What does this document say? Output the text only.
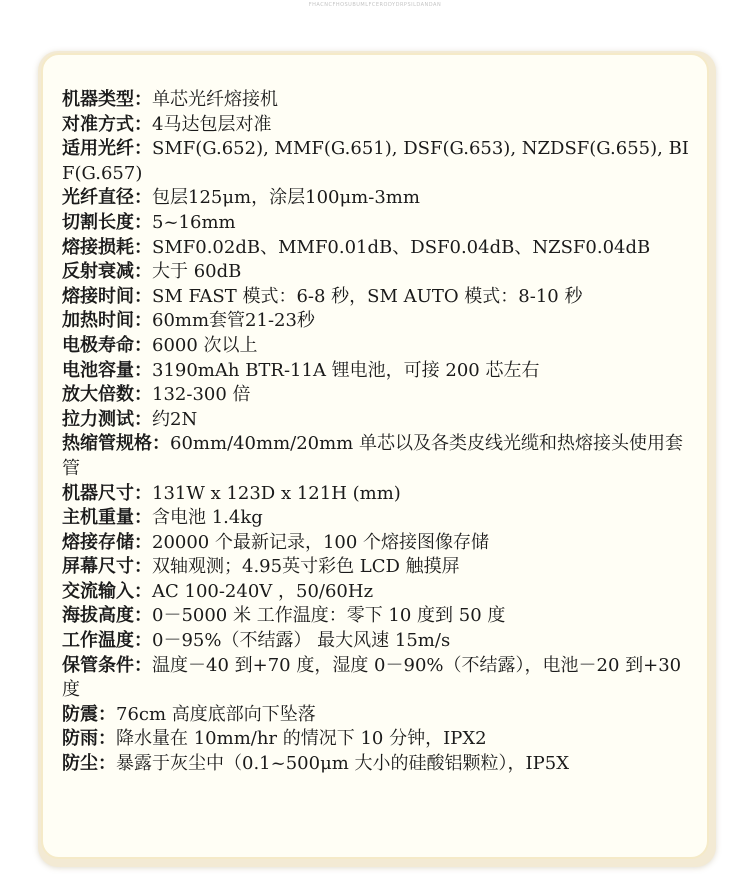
FHACNCFHOSUBUMLFCERODYDRPSILDANDAN
机器类型：单芯光纤熔接机
对准方式：4马达包层对准
适用光纤：SMF(G.652), MMF(G.651), DSF(G.653), NZDSF(G.655), BIF(G.657)
光纤直径：包层125μm，涂层100μm-3mm
切割长度：5~16mm
熔接损耗：SMF0.02dB、MMF0.01dB、DSF0.04dB、NZSF0.04dB
反射衰减：大于 60dB
熔接时间：SM FAST 模式：6-8 秒，SM AUTO 模式：8-10 秒
加热时间：60mm套管21-23秒
电极寿命：6000 次以上
电池容量：3190mAh BTR-11A 锂电池，可接 200 芯左右
放大倍数：132-300 倍
拉力测试：约2N
热缩管规格：60mm/40mm/20mm 单芯以及各类皮线光缆和热熔接头使用套管
机器尺寸：131W x 123D x 121H (mm)
主机重量：含电池 1.4kg
熔接存储：20000 个最新记录，100 个熔接图像存储
屏幕尺寸：双轴观测；4.95英寸彩色 LCD 触摸屏
交流输入：AC 100-240V ，50/60Hz
海拔高度：0－5000 米 工作温度：零下 10 度到 50 度
工作温度：0－95%（不结露） 最大风速 15m/s
保管条件：温度－40 到+70 度，湿度 0－90%（不结露），电池－20 到+30 度
防震：76cm 高度底部向下坠落
防雨：降水量在 10mm/hr 的情况下 10 分钟，IPX2
防尘：暴露于灰尘中（0.1~500μm 大小的硅酸铝颗粒），IP5X
